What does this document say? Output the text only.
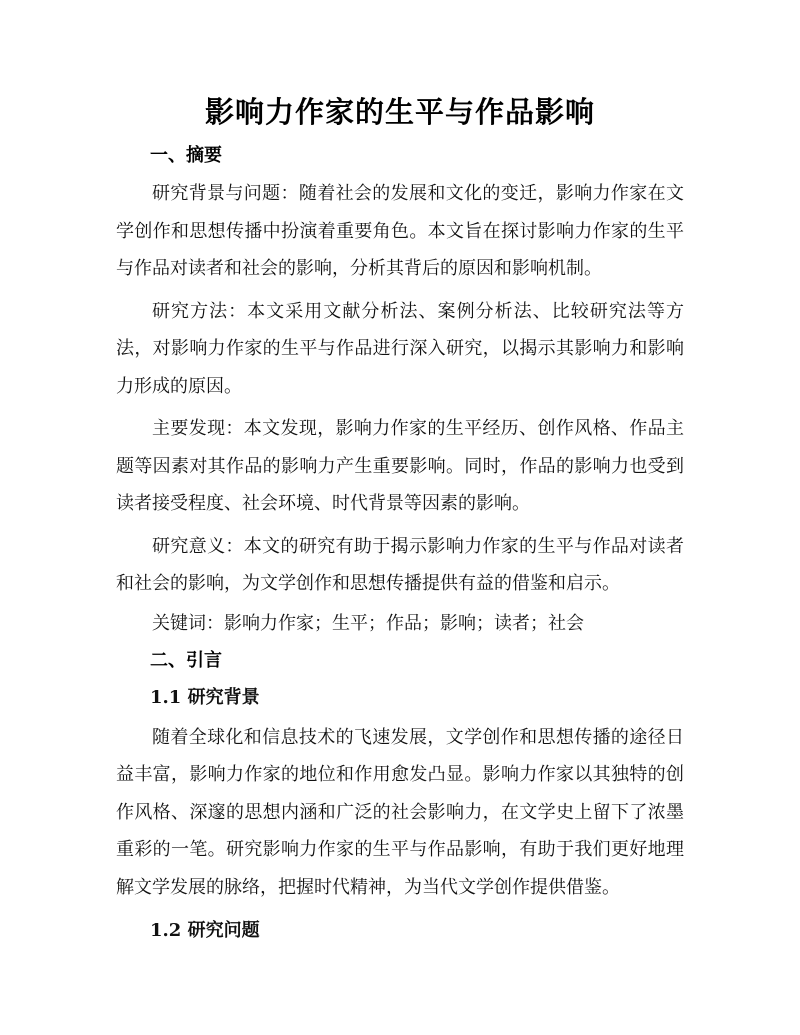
影响力作家的生平与作品影响
一、摘要

研究背景与问题：随着社会的发展和文化的变迁，影响力作家在文学创作和思想传播中扮演着重要角色。本文旨在探讨影响力作家的生平与作品对读者和社会的影响，分析其背后的原因和影响机制。

研究方法：本文采用文献分析法、案例分析法、比较研究法等方法，对影响力作家的生平与作品进行深入研究，以揭示其影响力和影响力形成的原因。

主要发现：本文发现，影响力作家的生平经历、创作风格、作品主题等因素对其作品的影响力产生重要影响。同时，作品的影响力也受到读者接受程度、社会环境、时代背景等因素的影响。

研究意义：本文的研究有助于揭示影响力作家的生平与作品对读者和社会的影响，为文学创作和思想传播提供有益的借鉴和启示。

关键词：影响力作家；生平；作品；影响；读者；社会

二、引言
1.1 研究背景

随着全球化和信息技术的飞速发展，文学创作和思想传播的途径日益丰富，影响力作家的地位和作用愈发凸显。影响力作家以其独特的创作风格、深邃的思想内涵和广泛的社会影响力，在文学史上留下了浓墨重彩的一笔。研究影响力作家的生平与作品影响，有助于我们更好地理解文学发展的脉络，把握时代精神，为当代文学创作提供借鉴。

1.2 研究问题
